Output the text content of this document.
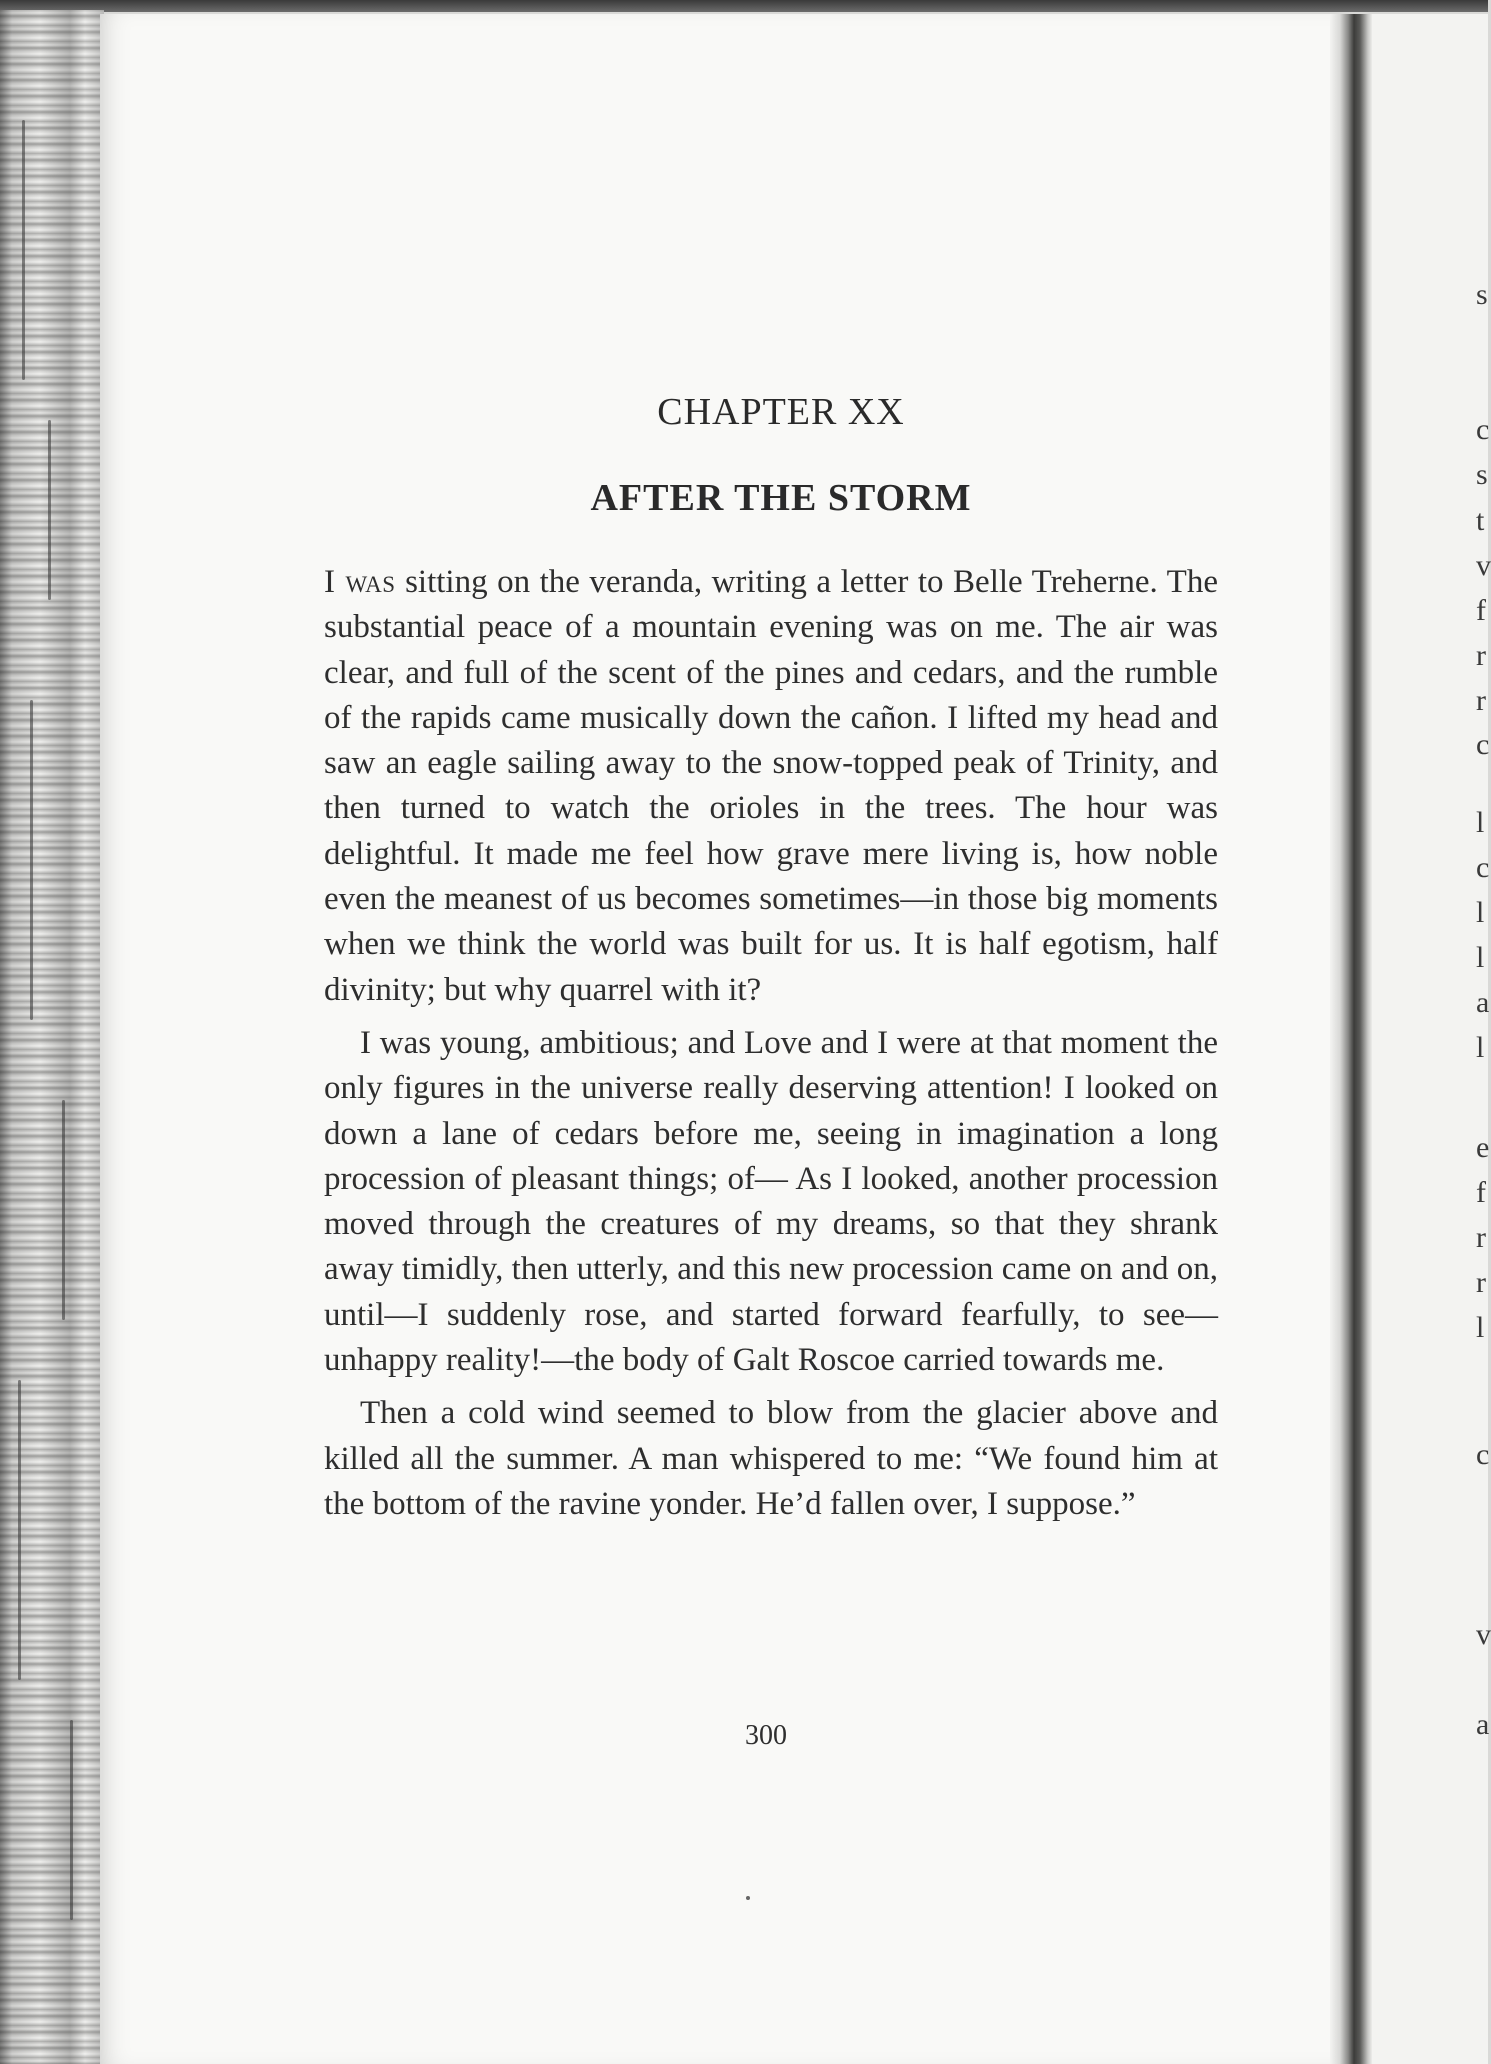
s
c
s
t
v
f
r
r
c
l
c
l
l
a
l
e
f
r
r
l
c
v
a
CHAPTER XX
AFTER THE STORM

I was sitting on the veranda, writing a letter to Belle Treherne. The substantial peace of a mountain evening was on me. The air was clear, and full of the scent of the pines and cedars, and the rumble of the rapids came musically down the cañon. I lifted my head and saw an eagle sailing away to the snow-topped peak of Trinity, and then turned to watch the orioles in the trees. The hour was delightful. It made me feel how grave mere living is, how noble even the meanest of us becomes sometimes—in those big moments when we think the world was built for us. It is half egotism, half divinity; but why quarrel with it?

I was young, ambitious; and Love and I were at that moment the only figures in the universe really deserving attention! I looked on down a lane of cedars before me, seeing in imagination a long procession of pleasant things; of— As I looked, another procession moved through the creatures of my dreams, so that they shrank away timidly, then utterly, and this new procession came on and on, until—I suddenly rose, and started forward fearfully, to see—unhappy reality!—the body of Galt Roscoe carried towards me.

Then a cold wind seemed to blow from the glacier above and killed all the summer. A man whispered to me: “We found him at the bottom of the ravine yonder. He’d fallen over, I suppose.”

300
